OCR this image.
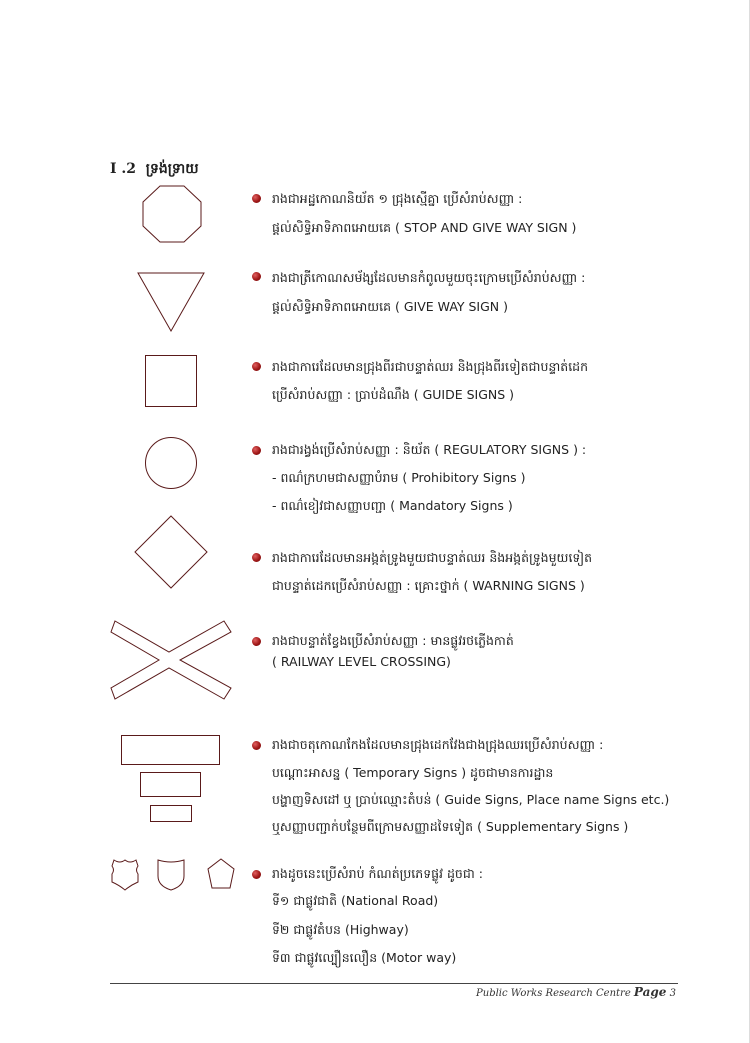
I .2 ទ្រង់ទ្រាយ
រាងជាអដ្ឋកោណនិយ័ត ១ ជ្រុងស្មើគ្នា ប្រើសំរាប់សញ្ញា :
ផ្តល់សិទ្ធិអាទិភាពអោយគេ ( STOP AND GIVE WAY SIGN )
រាងជាត្រីកោណសម័ង្សដែលមានកំពូលមួយចុះក្រោមប្រើសំរាប់សញ្ញា :
ផ្តល់សិទ្ធិអាទិភាពអោយគេ ( GIVE WAY SIGN )
រាងជាការេដែលមានជ្រុងពីរជាបន្ទាត់ឈរ និងជ្រុងពីរទៀតជាបន្ទាត់ដេក
ប្រើសំរាប់សញ្ញា : ប្រាប់ដំណឹង ( GUIDE SIGNS )
រាងជារង្វង់ប្រើសំរាប់សញ្ញា : និយ័ត ( REGULATORY SIGNS ) :
- ពណ៌ក្រហមជាសញ្ញាបំរាម ( Prohibitory Signs )
- ពណ៌ខៀវជាសញ្ញាបញ្ជា ( Mandatory Signs )
រាងជាការេដែលមានអង្កត់ទ្រូងមួយជាបន្ទាត់ឈរ និងអង្កត់ទ្រូងមួយទៀត
ជាបន្ទាត់ដេកប្រើសំរាប់សញ្ញា : គ្រោះថ្នាក់ ( WARNING SIGNS )
រាងជាបន្ទាត់ខ្វែងប្រើសំរាប់សញ្ញា : មានផ្លូវរថភ្លើងកាត់
( RAILWAY LEVEL CROSSING)
រាងជាចតុកោណកែងដែលមានជ្រុងដេកវែងជាងជ្រុងឈរប្រើសំរាប់សញ្ញា :
បណ្តោះអាសន្ន ( Temporary Signs ) ដូចជាមានការដ្ឋាន
បង្ហាញទិសដៅ ឬ ប្រាប់ឈ្មោះតំបន់ ( Guide Signs, Place name Signs etc.)
ឬសញ្ញាបញ្ជាក់បន្ថែមពីក្រោមសញ្ញាដទៃទៀត ( Supplementary Signs )
រាងដូចនេះប្រើសំរាប់ កំណត់ប្រភេទផ្លូវ ដូចជា :
ទី១ ជាផ្លូវជាតិ (National Road)
ទី២ ជាផ្លូវតំបន (Highway)
ទី៣ ជាផ្លូវល្បឿនលឿន (Motor way)
Public Works Research Centre Page 3
